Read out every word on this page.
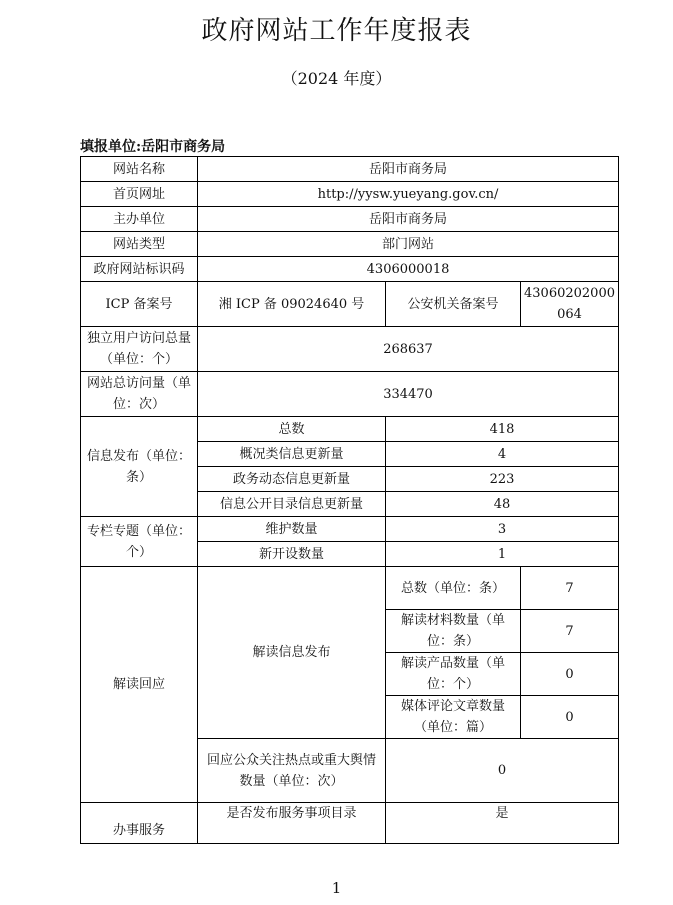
政府网站工作年度报表
（2024 年度）
填报单位:岳阳市商务局
网站名称	岳阳市商务局		
首页网址	http://yysw.yueyang.gov.cn/		
主办单位	岳阳市商务局		
网站类型	部门网站		
政府网站标识码	4306000018		
ICP 备案号	湘 ICP 备 09024640 号	公安机关备案号	43060202000064
独立用户访问总量（单位：个）	268637		
网站总访问量（单位：次）	334470		
信息发布（单位：条）	总数	418	
	概况类信息更新量	4	
	政务动态信息更新量	223	
	信息公开目录信息更新量	48	
专栏专题（单位：个）	维护数量	3	
	新开设数量	1	
解读回应	解读信息发布	总数（单位：条）	7
		解读材料数量（单位：条）	7
		解读产品数量（单位：个）	0
		媒体评论文章数量（单位：篇）	0
	回应公众关注热点或重大舆情数量（单位：次）	0	
办事服务	是否发布服务事项目录	是	
1
